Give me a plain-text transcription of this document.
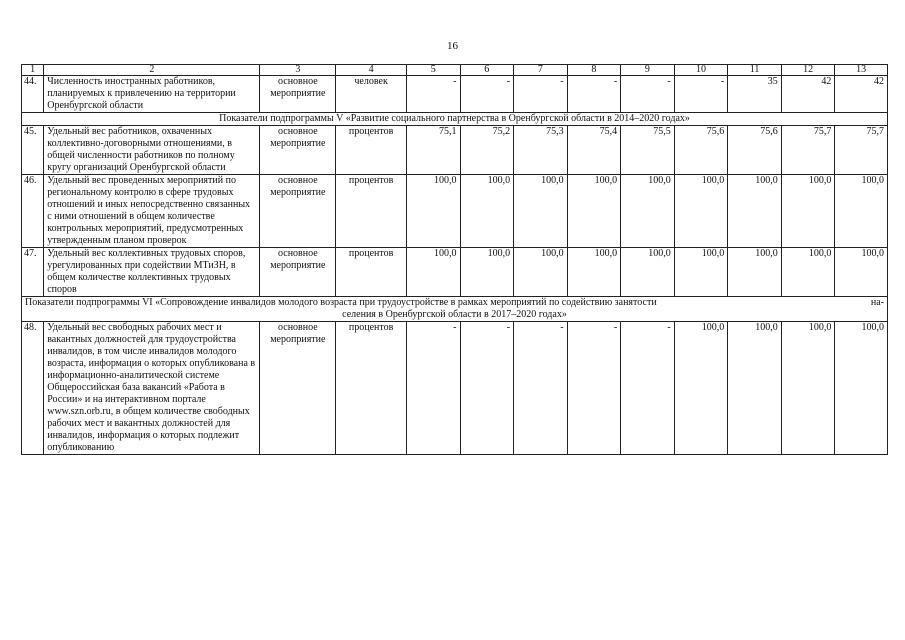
16
1	2	3	4	5	6	7	8	9	10	11	12	13
44.	Численность иностранных работников, планируемых к привлечению на территории Оренбургской области	основное мероприятие	человек	-	-	-	-	-	-	35	42	42
Показатели подпрограммы V «Развитие социального партнерства в Оренбургской области в 2014–2020 годах»												
45.	Удельный вес работников, охваченных коллективно-договорными отношениями, в общей численности работников по полному кругу организаций Оренбургской области	основное мероприятие	процентов	75,1	75,2	75,3	75,4	75,5	75,6	75,6	75,7	75,7
46.	Удельный вес проведенных мероприятий по региональному контролю в сфере трудовых отношений и иных непосредственно связанных с ними отношений в общем количестве контрольных мероприятий, предусмотренных утвержденным планом проверок	основное мероприятие	процентов	100,0	100,0	100,0	100,0	100,0	100,0	100,0	100,0	100,0
47.	Удельный вес коллективных трудовых споров, урегулированных при содействии МТиЗН, в общем количестве коллективных трудовых споров	основное мероприятие	процентов	100,0	100,0	100,0	100,0	100,0	100,0	100,0	100,0	100,0

Показатели подпрограммы VI «Сопровождение инвалидов молодого возраста при трудоустройстве в рамках мероприятий по содействию занятости на-
селения в Оренбургской области в 2017–2020 годах»												

48.	Удельный вес свободных рабочих мест и вакантных должностей для трудоустройства инвалидов, в том числе инвалидов молодого возраста, информация о которых опубликована в информационно-аналитической системе Общероссийская база вакансий «Работа в России» и на интерактивном портале www.szn.orb.ru, в общем количестве свободных рабочих мест и вакантных должностей для инвалидов, информация о которых подлежит опубликованию	основное мероприятие	процентов	-	-	-	-	-	100,0	100,0	100,0	100,0
